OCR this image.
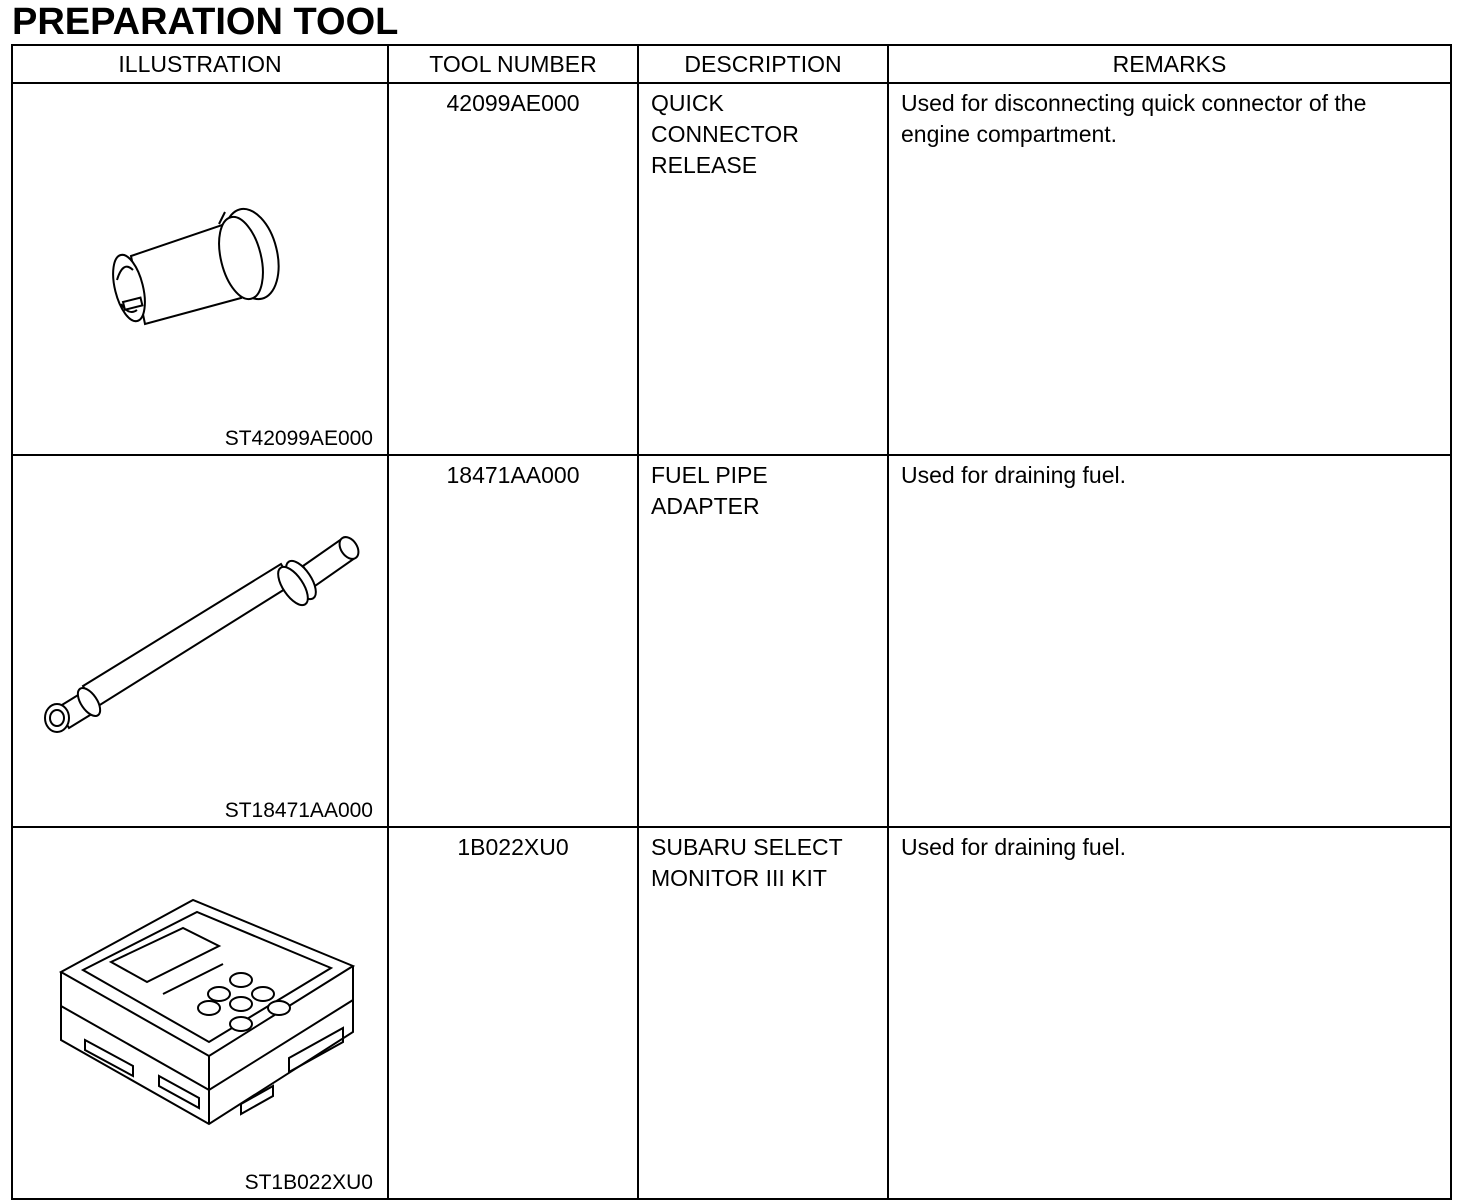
PREPARATION TOOL
ILLUSTRATION	TOOL NUMBER	DESCRIPTION	REMARKS

ST42099AE000	42099AE000	QUICK
CONNECTOR
RELEASE	Used for disconnecting quick connector of the engine compartment.

ST18471AA000	18471AA000	FUEL PIPE
ADAPTER	Used for draining fuel.

ST1B022XU0	1B022XU0	SUBARU SELECT
MONITOR III KIT	Used for draining fuel.
